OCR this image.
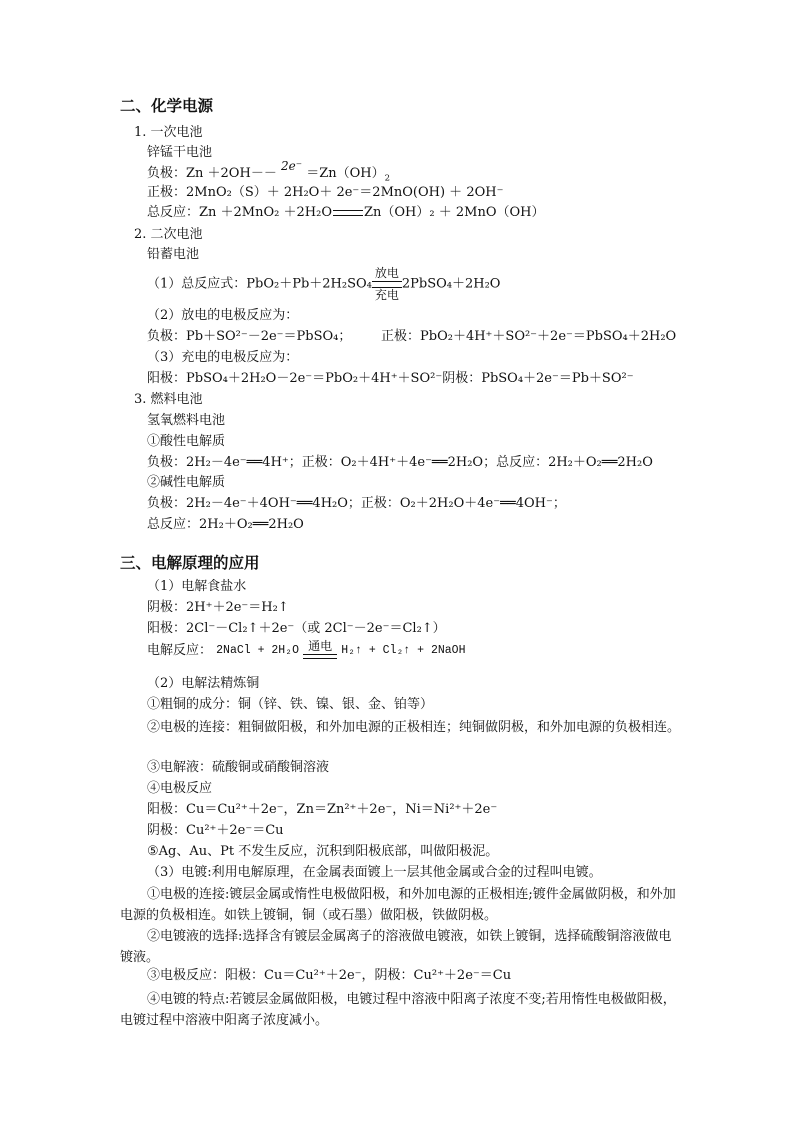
二、化学电源
1. 一次电池
锌锰干电池
负极：$Zn +2OH-- 2e^- =Zn(OH)_2$
正极：2MnO₂（S）＋ 2H₂O＋ 2e⁻＝2MnO(OH) ＋ 2OH⁻
总反应：Zn ＋2MnO₂ ＋2H₂O Zn（OH）₂ ＋ 2MnO（OH）
2. 二次电池
铅蓄电池
（1）总反应式：PbO₂＋Pb＋2H₂SO₄
放电
充电
2PbSO₄＋2H₂O
（2）放电的电极反应为：
负极：Pb＋SO²⁻－2e⁻＝PbSO₄； 正极：PbO₂＋4H⁺＋SO²⁻＋2e⁻＝PbSO₄＋2H₂O
（3）充电的电极反应为：
阳极：PbSO₄＋2H₂O－2e⁻＝PbO₂＋4H⁺＋SO²⁻阴极：PbSO₄＋2e⁻＝Pb＋SO²⁻
3. 燃料电池
氢氧燃料电池
①酸性电解质
负极：2H₂－4e⁻══4H⁺；正极：O₂＋4H⁺＋4e⁻══2H₂O；总反应：2H₂＋O₂══2H₂O
②碱性电解质
负极：2H₂－4e⁻＋4OH⁻══4H₂O；正极：O₂＋2H₂O＋4e⁻══4OH⁻；
总反应：2H₂＋O₂══2H₂O
三、电解原理的应用
（1）电解食盐水
阴极：2H⁺＋2e⁻＝H₂↑
阳极：2Cl⁻－Cl₂↑＋2e⁻（或 2Cl⁻－2e⁻＝Cl₂↑）
电解反应： 2NaCl + 2H₂O 通电 H₂↑ + Cl₂↑ + 2NaOH
（2）电解法精炼铜
①粗铜的成分：铜（锌、铁、镍、银、金、铂等）
②电极的连接：粗铜做阳极，和外加电源的正极相连；纯铜做阴极，和外加电源的负极相连。
③电解液：硫酸铜或硝酸铜溶液
④电极反应
阳极：Cu＝Cu²⁺＋2e⁻，Zn＝Zn²⁺＋2e⁻，Ni＝Ni²⁺＋2e⁻
阴极：Cu²⁺＋2e⁻＝Cu
⑤Ag、Au、Pt 不发生反应，沉积到阳极底部，叫做阳极泥。
（3）电镀:利用电解原理，在金属表面镀上一层其他金属或合金的过程叫电镀。
①电极的连接:镀层金属或惰性电极做阳极，和外加电源的正极相连;镀件金属做阴极，和外加电源的负极相连。如铁上镀铜，铜（或石墨）做阳极，铁做阴极。
②电镀液的选择:选择含有镀层金属离子的溶液做电镀液，如铁上镀铜，选择硫酸铜溶液做电镀液。
③电极反应：阳极：Cu＝Cu²⁺＋2e⁻，阴极：Cu²⁺＋2e⁻＝Cu
④电镀的特点:若镀层金属做阳极，电镀过程中溶液中阳离子浓度不变;若用惰性电极做阳极，电镀过程中溶液中阳离子浓度减小。
